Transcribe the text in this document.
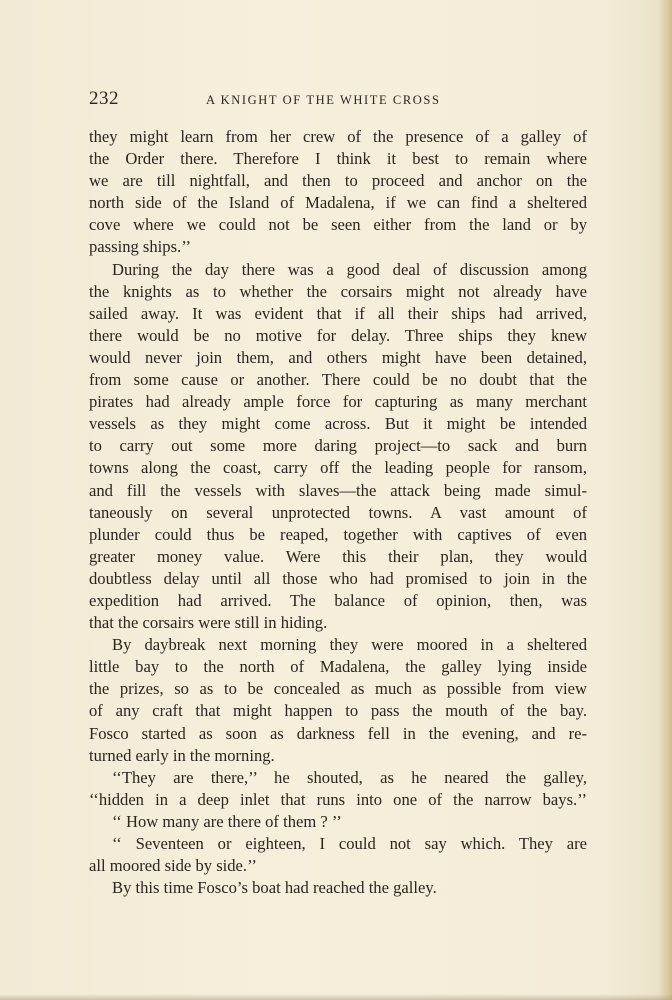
232	A KNIGHT OF THE WHITE CROSS
they might learn from her crew of the presence of a galley of
the Order there. Therefore I think it best to remain where
we are till nightfall, and then to proceed and anchor on the
north side of the Island of Madalena, if we can find a sheltered
cove where we could not be seen either from the land or by
passing ships.’’
During the day there was a good deal of discussion among
the knights as to whether the corsairs might not already have
sailed away. It was evident that if all their ships had arrived,
there would be no motive for delay. Three ships they knew
would never join them, and others might have been detained,
from some cause or another. There could be no doubt that the
pirates had already ample force for capturing as many merchant
vessels as they might come across. But it might be intended
to carry out some more daring project—to sack and burn
towns along the coast, carry off the leading people for ransom,
and fill the vessels with slaves—the attack being made simul-
taneously on several unprotected towns. A vast amount of
plunder could thus be reaped, together with captives of even
greater money value. Were this their plan, they would
doubtless delay until all those who had promised to join in the
expedition had arrived. The balance of opinion, then, was
that the corsairs were still in hiding.
By daybreak next morning they were moored in a sheltered
little bay to the north of Madalena, the galley lying inside
the prizes, so as to be concealed as much as possible from view
of any craft that might happen to pass the mouth of the bay.
Fosco started as soon as darkness fell in the evening, and re-
turned early in the morning.
‘‘They are there,’’ he shouted, as he neared the galley,
‘‘hidden in a deep inlet that runs into one of the narrow bays.’’
‘‘ How many are there of them ? ’’
‘‘ Seventeen or eighteen, I could not say which. They are
all moored side by side.’’
By this time Fosco’s boat had reached the galley.
